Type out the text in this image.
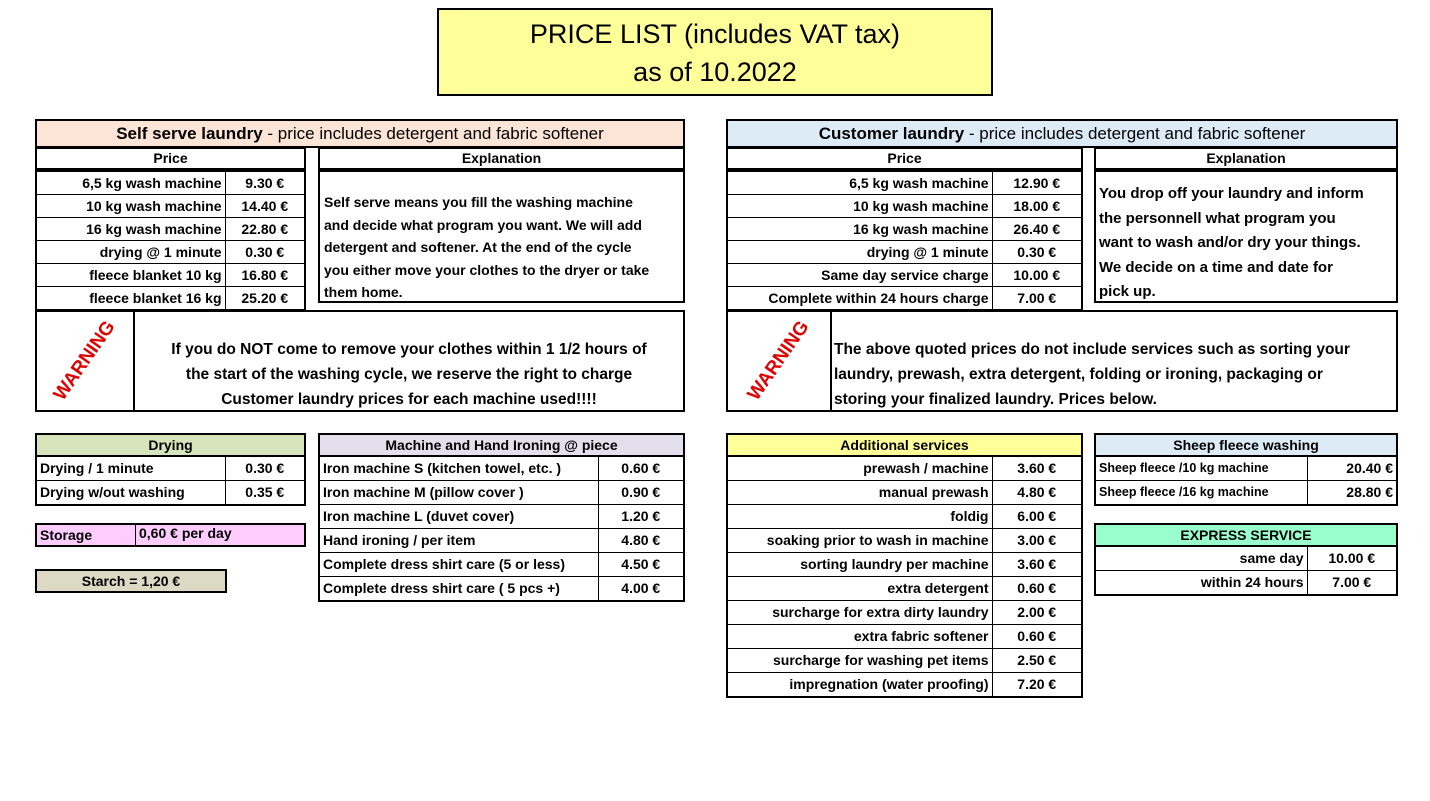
PRICE LIST (includes VAT tax)
as of 10.2022
Self serve laundry - price includes detergent and fabric softener
Price	Explanation
6,5 kg wash machine	9.30 €
10 kg wash machine	14.40 €
16 kg wash machine	22.80 €
drying @ 1 minute	0.30 €
fleece blanket 10 kg	16.80 €
fleece blanket 16 kg	25.20 €
Self serve means you fill the washing machine
and decide what program you want. We will add
detergent and softener. At the end of the cycle
you either move your clothes to the dryer or take
them home.
Customer laundry - price includes detergent and fabric softener
Price	Explanation
6,5 kg wash machine	12.90 €
10 kg wash machine	18.00 €
16 kg wash machine	26.40 €
drying @ 1 minute	0.30 €
Same day service charge	10.00 €
Complete within 24 hours charge	7.00 €
You drop off your laundry and inform
the personnell what program you
want to wash and/or dry your things.
We decide on a time and date for
pick up.
WARNING	If you do NOT come to remove your clothes within 1 1/2 hours of
the start of the washing cycle, we reserve the right to charge
Customer laundry prices for each machine used!!!!	WARNING The above quoted prices do not include services such as sorting your
laundry, prewash, extra detergent, folding or ironing, packaging or
storing your finalized laundry. Prices below.
Drying	
Drying / 1 minute	0.30 €
Drying w/out washing	0.35 €
Storage	0,60 € per day
Starch = 1,20 €
Machine and Hand Ironing @ piece	
Iron machine S (kitchen towel, etc. )	0.60 €
Iron machine M (pillow cover )	0.90 €
Iron machine L (duvet cover)	1.20 €
Hand ironing / per item	4.80 €
Complete dress shirt care (5 or less)	4.50 €
Complete dress shirt care ( 5 pcs +)	4.00 €
Additional services	
prewash / machine	3.60 €
manual prewash	4.80 €
foldig	6.00 €
soaking prior to wash in machine	3.00 €
sorting laundry per machine	3.60 €
extra detergent	0.60 €
surcharge for extra dirty laundry	2.00 €
extra fabric softener	0.60 €
surcharge for washing pet items	2.50 €
impregnation (water proofing)	7.20 €
Sheep fleece washing	
Sheep fleece /10 kg machine	20.40 €
Sheep fleece /16 kg machine	28.80 €
EXPRESS SERVICE	
same day	10.00 €
within 24 hours	7.00 €
